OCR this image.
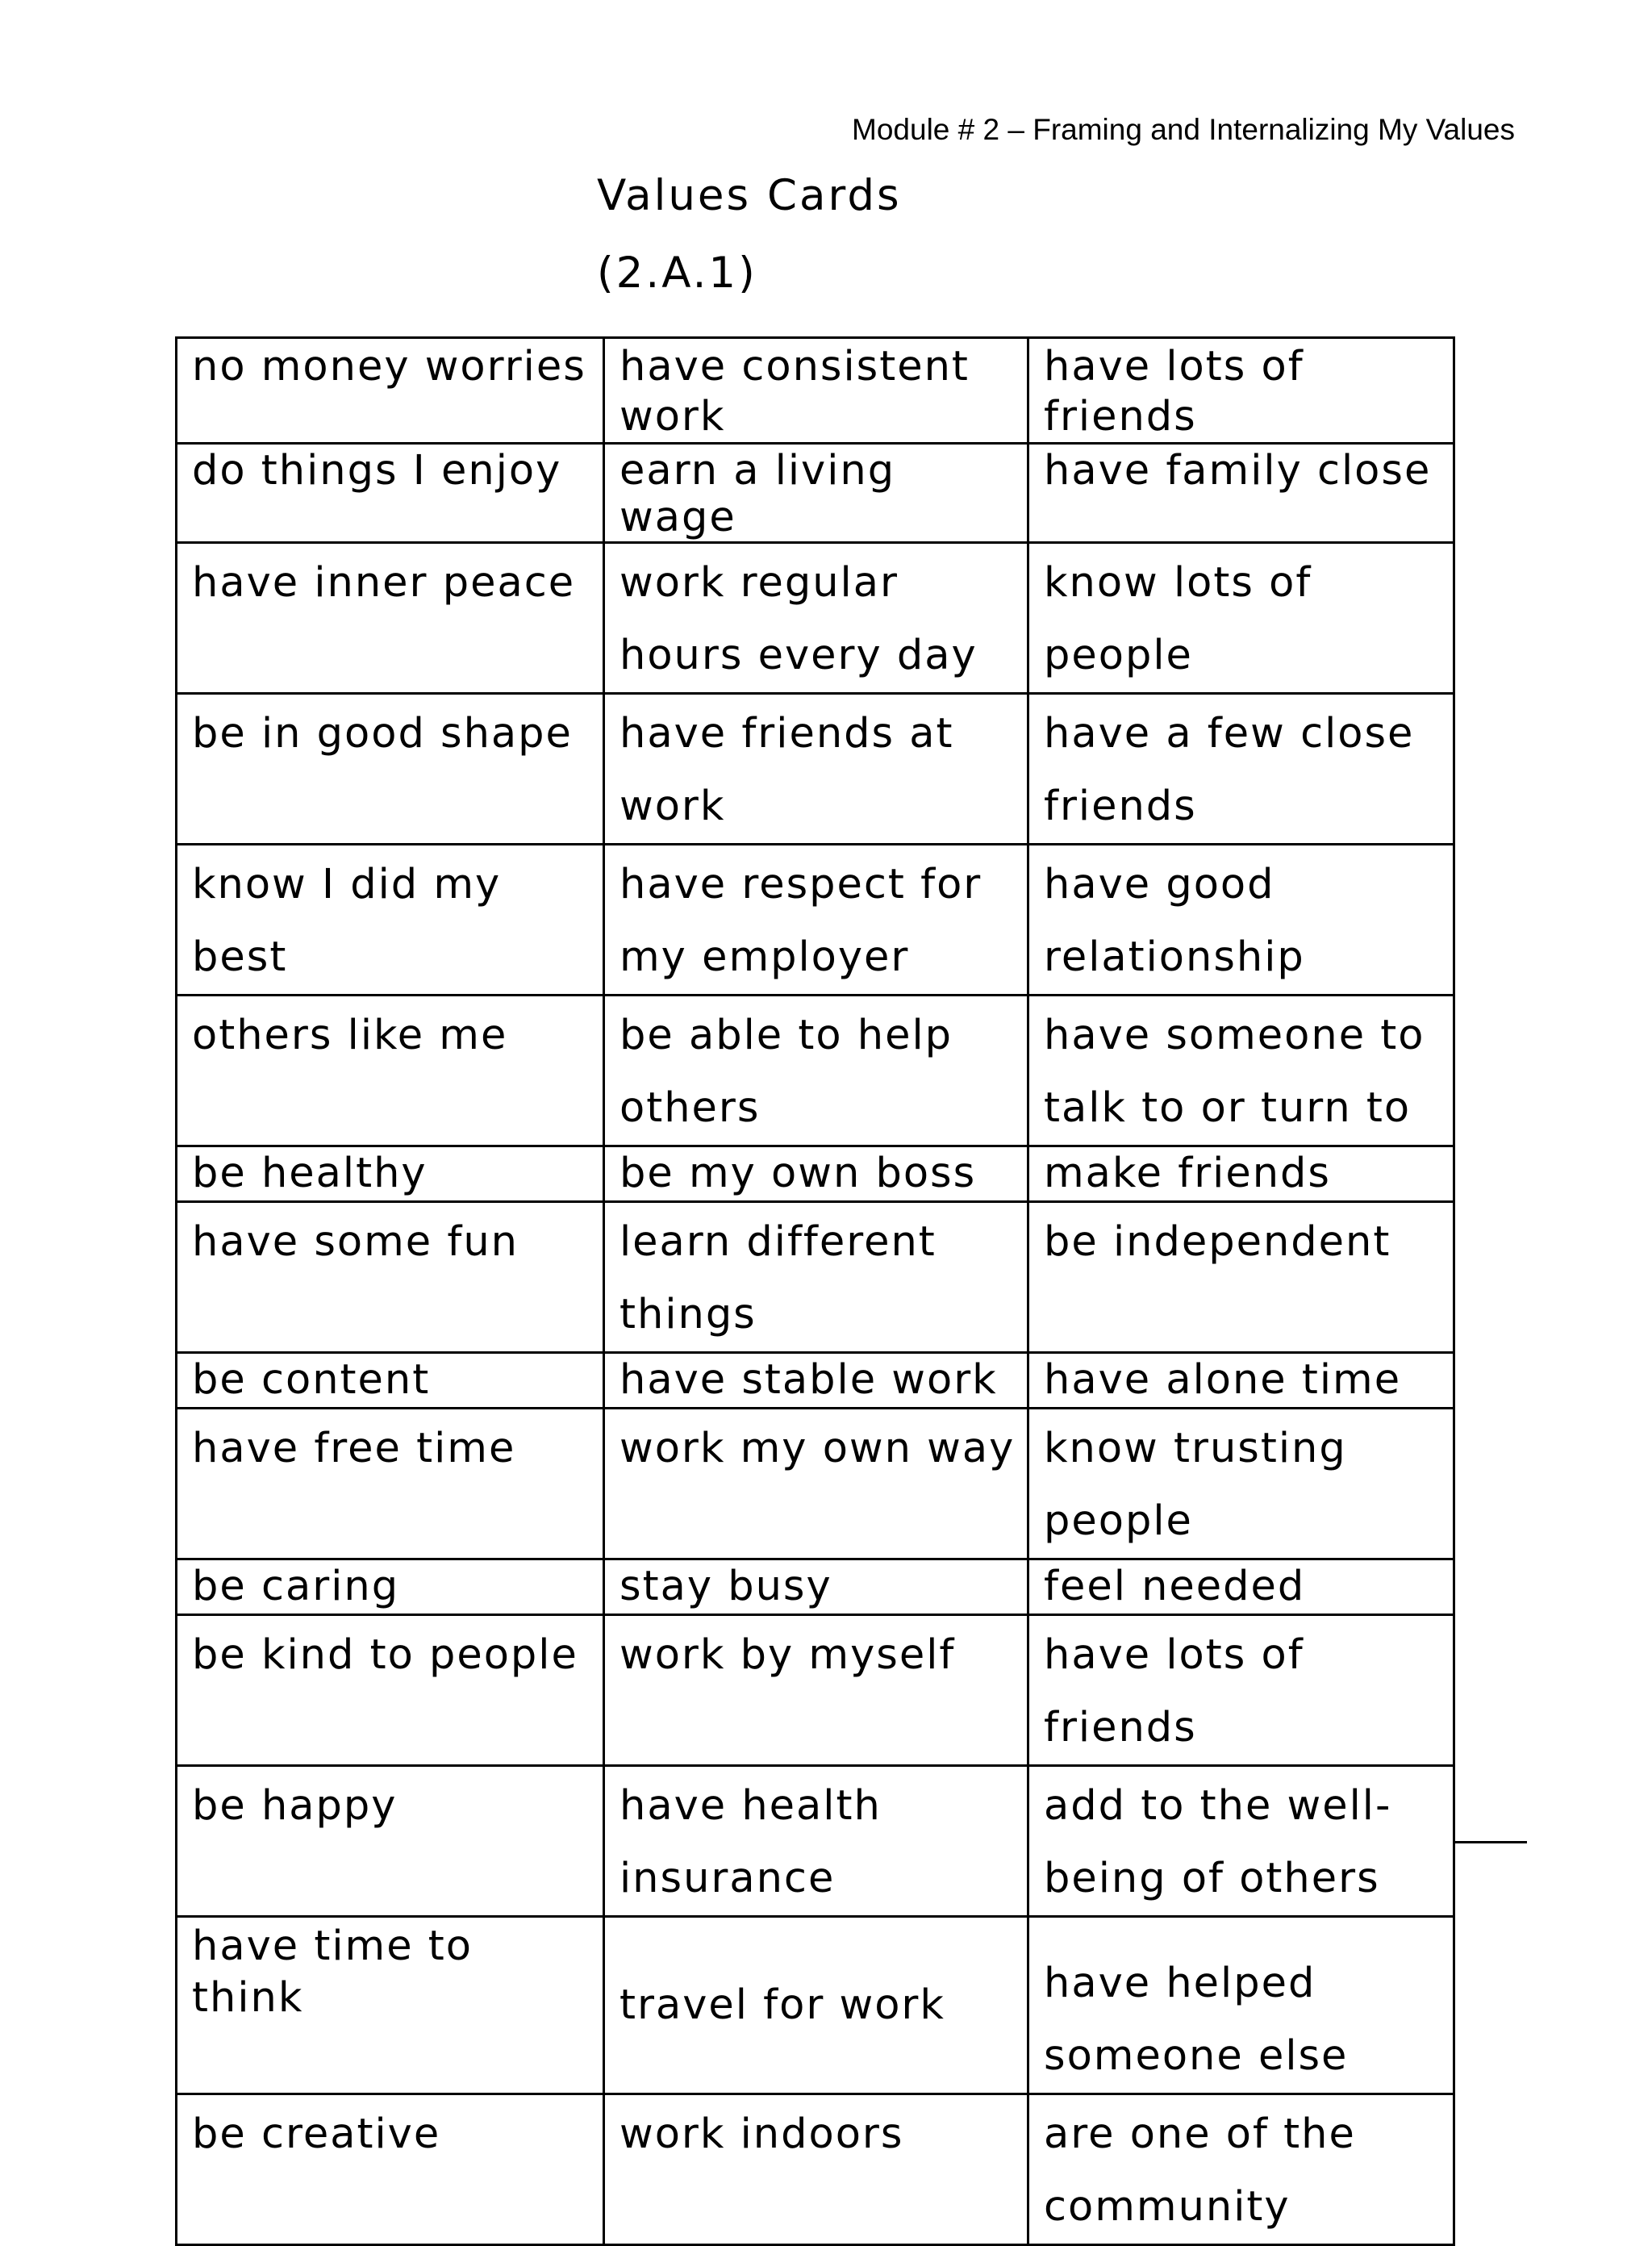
Module # 2 – Framing and Internalizing My Values
Values Cards
(2.A.1)
no money worries	have consistent work	have lots of friends
do things I enjoy	earn a living wage	have family close
have inner peace	work regular hours every day	know lots of people
be in good shape	have friends at work	have a few close friends
know I did my best	have respect for my employer	have good relationship
others like me	be able to help others	have someone to talk to or turn to
be healthy	be my own boss	make friends
have some fun	learn different things	be independent
be content	have stable work	have alone time
have free time	work my own way	know trusting people
be caring	stay busy	feel needed
be kind to people	work by myself	have lots of friends
be happy	have health insurance	add to the well-being of others
have time to think	travel for work	have helped someone else
be creative	work indoors	are one of the community
